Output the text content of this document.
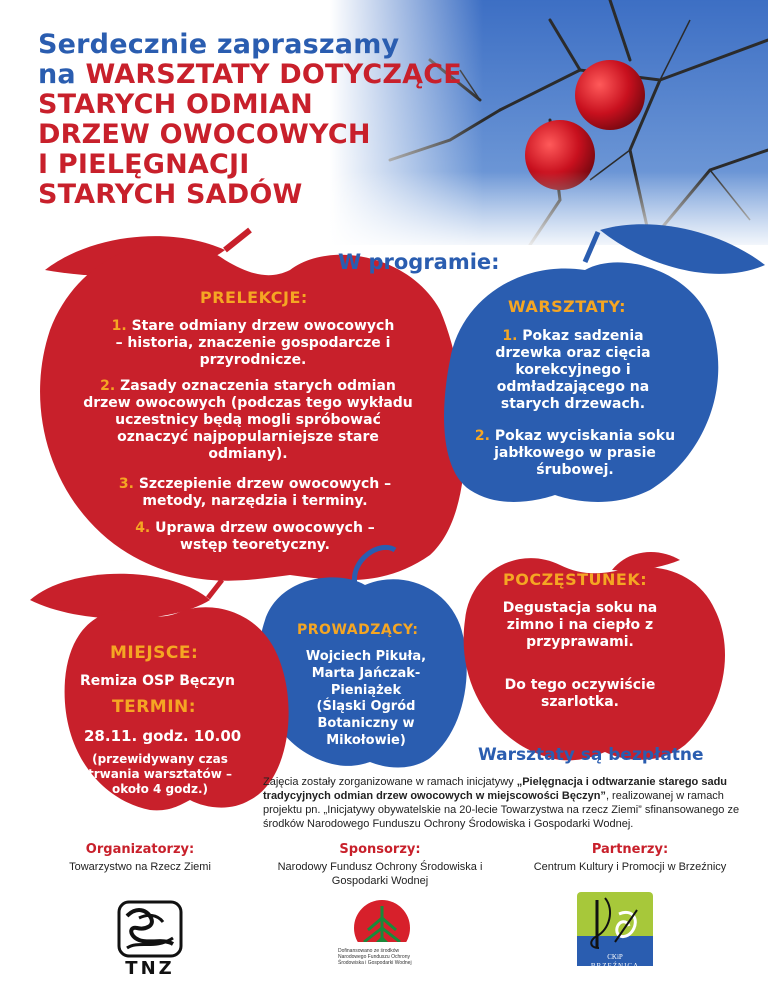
Serdecznie zapraszamy
na WARSZTATY DOTYCZĄCE
STARYCH ODMIAN
DRZEW OWOCOWYCH
I PIELĘGNACJI
STARYCH SADÓW
W programie:
PRELEKCJE:
1. Stare odmiany drzew owocowych – historia, znaczenie gospodarcze i przyrodnicze.
2. Zasady oznaczenia starych odmian drzew owocowych (podczas tego wykładu uczestnicy będą mogli spróbować oznaczyć najpopularniejsze stare odmiany).
3. Szczepienie drzew owocowych – metody, narzędzia i terminy.
4. Uprawa drzew owocowych – wstęp teoretyczny.
WARSZTATY:
1. Pokaz sadzenia drzewka oraz cięcia korekcyjnego i odmładzającego na starych drzewach.
2. Pokaz wyciskania soku jabłkowego w prasie śrubowej.
POCZĘSTUNEK:
Degustacja soku na zimno i na ciepło z przyprawami.
Do tego oczywiście szarlotka.
PROWADZĄCY:
Wojciech Pikuła, Marta Jańczak-Pieniążek
(Śląski Ogród Botaniczny w Mikołowie)
MIEJSCE:
Remiza OSP Bęczyn
TERMIN:
28.11. godz. 10.00
(przewidywany czas trwania warsztatów – około 4 godz.)
Warsztaty są bezpłatne
Zajęcia zostały zorganizowane w ramach inicjatywy „Pielęgnacja i odtwarzanie starego sadu tradycyjnych odmian drzew owocowych w miejscowości Bęczyn”, realizowanej w ramach projektu pn. „Inicjatywy obywatelskie na 20-lecie Towarzystwa na rzecz Ziemi” sfinansowanego ze środków Narodowego Funduszu Ochrony Środowiska i Gospodarki Wodnej.
Organizatorzy:
Towarzystwo na Rzecz Ziemi
Sponsorzy:
Narodowy Fundusz Ochrony Środowiska i Gospodarki Wodnej
Partnerzy:
Centrum Kultury i Promocji w Brzeźnicy
TNZ
Dofinansowano ze środków Narodowego Funduszu Ochrony Środowiska i Gospodarki Wodnej
CKiP
BRZEŹNICA
